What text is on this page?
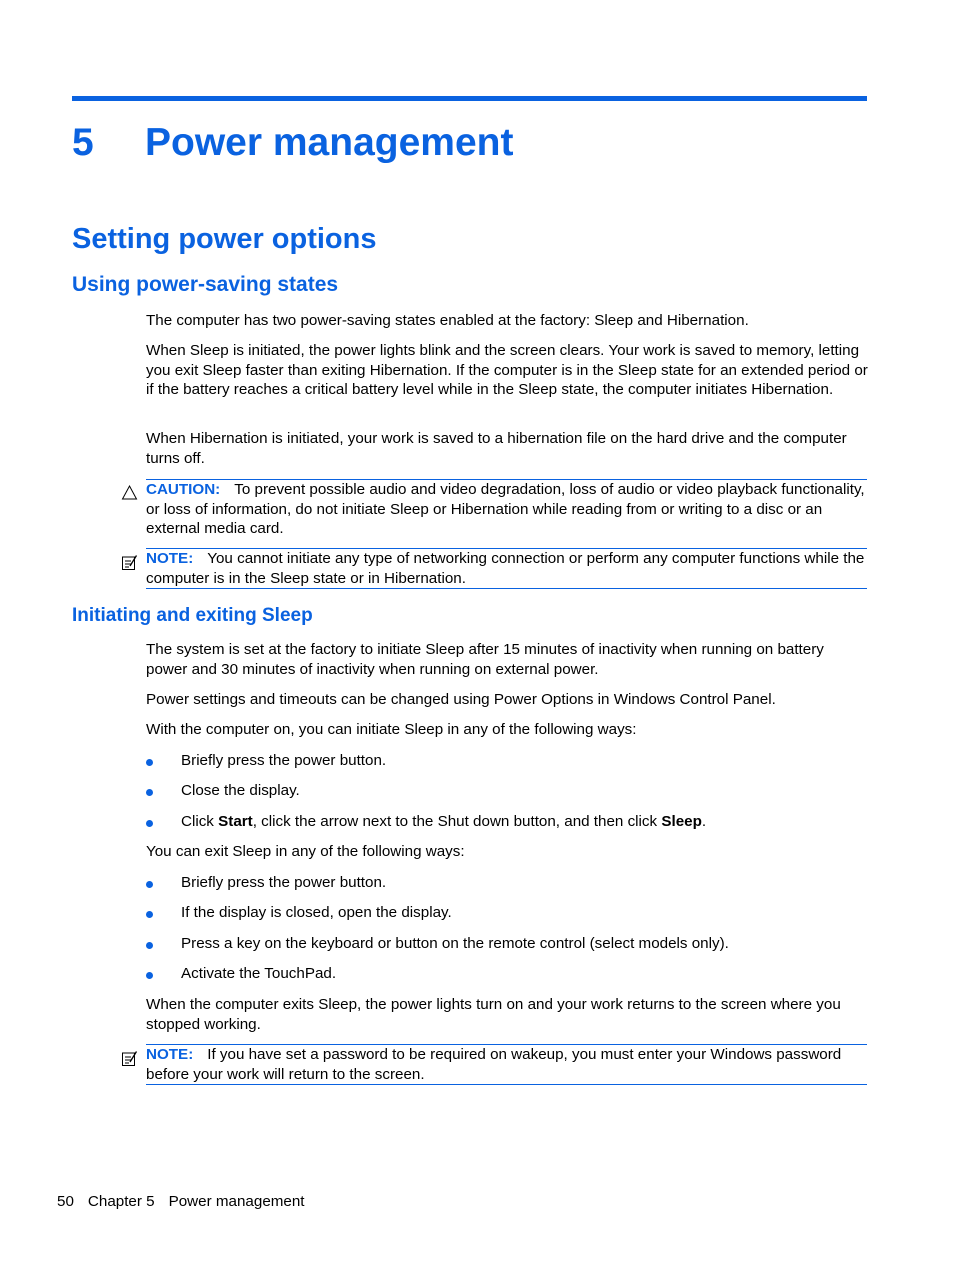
5 Power management
Setting power options
Using power-saving states
The computer has two power-saving states enabled at the factory: Sleep and Hibernation.
When Sleep is initiated, the power lights blink and the screen clears. Your work is saved to memory, letting you exit Sleep faster than exiting Hibernation. If the computer is in the Sleep state for an extended period or if the battery reaches a critical battery level while in the Sleep state, the computer initiates Hibernation.
When Hibernation is initiated, your work is saved to a hibernation file on the hard drive and the computer turns off.
CAUTION: To prevent possible audio and video degradation, loss of audio or video playback functionality, or loss of information, do not initiate Sleep or Hibernation while reading from or writing to a disc or an external media card.
NOTE: You cannot initiate any type of networking connection or perform any computer functions while the computer is in the Sleep state or in Hibernation.
Initiating and exiting Sleep
The system is set at the factory to initiate Sleep after 15 minutes of inactivity when running on battery power and 30 minutes of inactivity when running on external power.
Power settings and timeouts can be changed using Power Options in Windows Control Panel.
With the computer on, you can initiate Sleep in any of the following ways:
Briefly press the power button.
Close the display.
Click Start, click the arrow next to the Shut down button, and then click Sleep.
You can exit Sleep in any of the following ways:
Briefly press the power button.
If the display is closed, open the display.
Press a key on the keyboard or button on the remote control (select models only).
Activate the TouchPad.
When the computer exits Sleep, the power lights turn on and your work returns to the screen where you stopped working.
NOTE: If you have set a password to be required on wakeup, you must enter your Windows password before your work will return to the screen.
50 Chapter 5 Power management
